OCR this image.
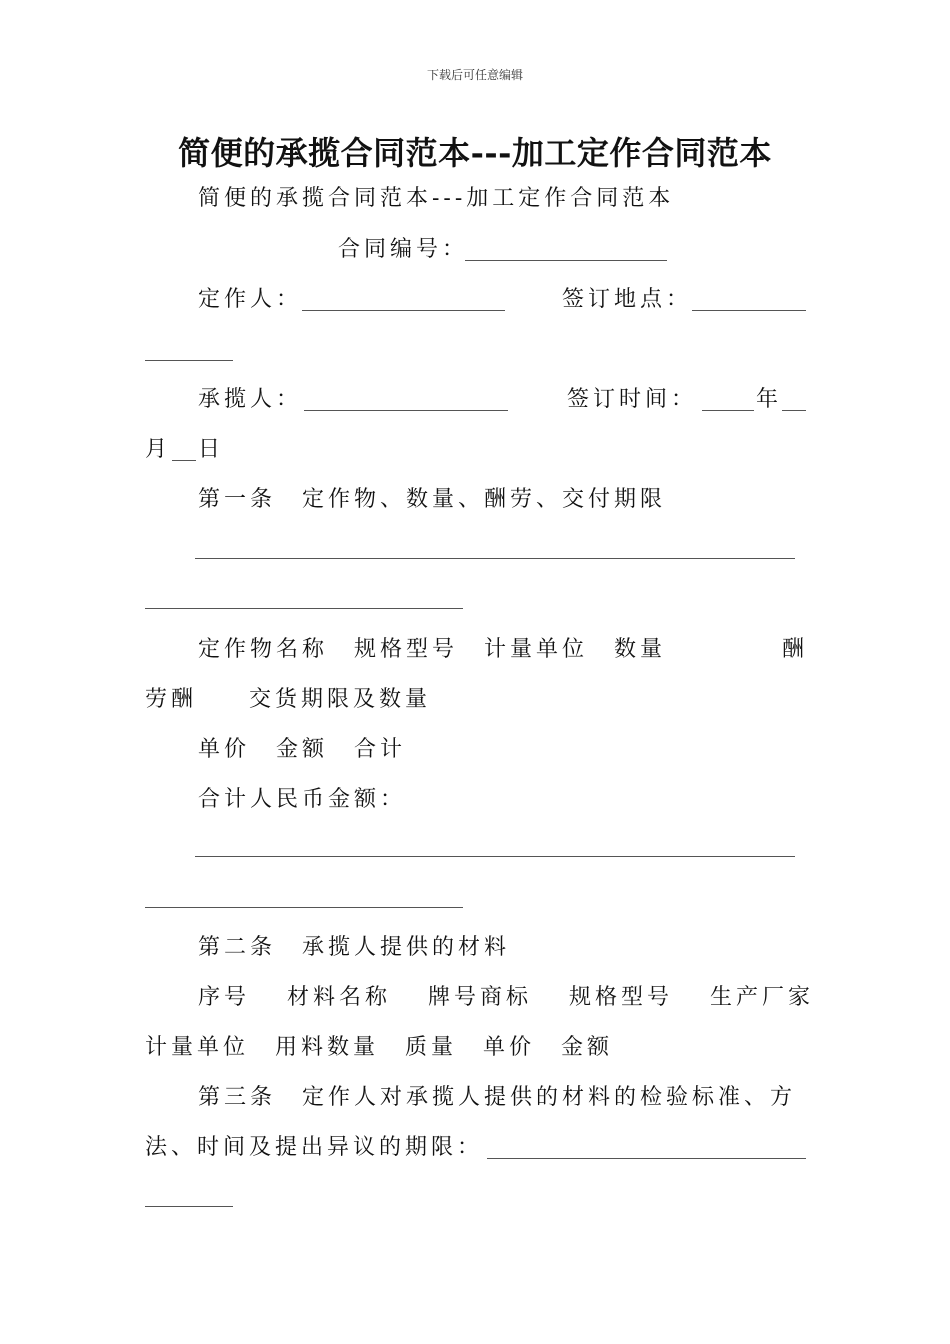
下载后可任意编辑
简便的承揽合同范本---加工定作合同范本
简便的承揽合同范本---加工定作合同范本
合同编号：
定作人：	签订地点：
承揽人：	签订时间：	年
月 日
第一条　定作物、数量、酬劳、交付期限
定作物名称　规格型号　计量单位　数量	酬
劳酬　　交货期限及数量
单价　金额　合计
合计人民币金额：
第二条　承揽人提供的材料
序号　 材料名称　 牌号商标　 规格型号　 生产厂家
计量单位　用料数量　质量　单价　金额
第三条　定作人对承揽人提供的材料的检验标准、方
法、时间及提出异议的期限：
